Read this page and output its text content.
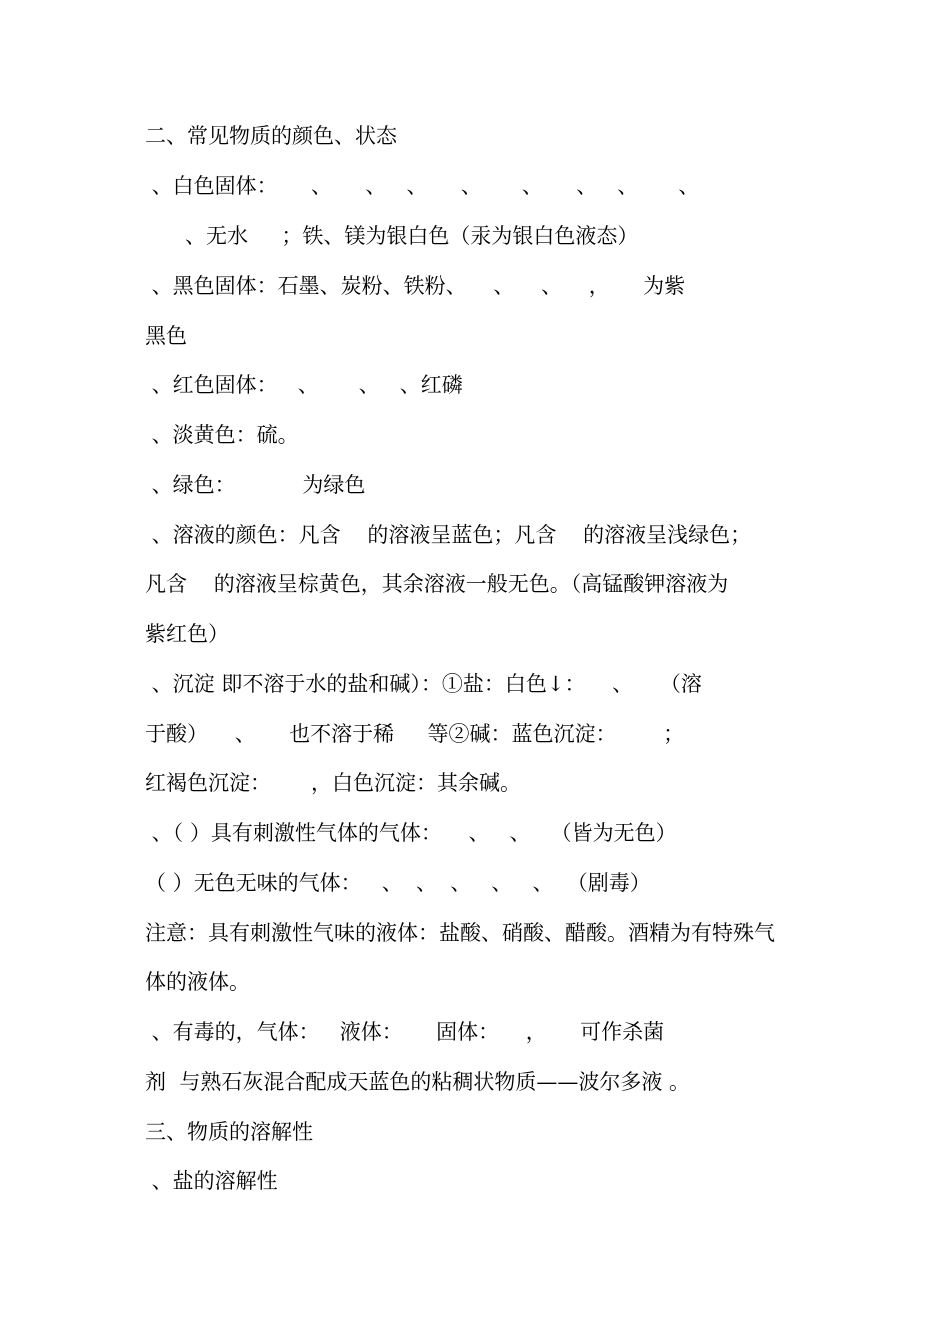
二、常见物质的颜色、状态
、白色固体：     、     、   、     、      、     、   、      、
、无水     ；铁、镁为银白色（汞为银白色液态）
、黑色固体：石墨、炭粉、铁粉、    、    、    ，     为紫
黑色
、红色固体：   、      、   、红磷
、淡黄色：硫。
、绿色：          为绿色
、溶液的颜色：凡含    的溶液呈蓝色；凡含    的溶液呈浅绿色；
凡含    的溶液呈棕黄色，其余溶液一般无色。（高锰酸钾溶液为
紫红色）
、沉淀 即不溶于水的盐和碱）：①盐：白色↓：    、    （溶
于酸）    、     也不溶于稀     等②碱：蓝色沉淀：       ；
红褐色沉淀：      ，白色沉淀：其余碱。
、（ ）具有刺激性气体的气体：    、   、   （皆为无色）
（ ）无色无味的气体：   、  、  、   、   、  （剧毒）
注意：具有刺激性气味的液体：盐酸、硝酸、醋酸。酒精为有特殊气
体的液体。
、有毒的，气体：   液体：     固体：    ，     可作杀菌
剂  与熟石灰混合配成天蓝色的粘稠状物质——波尔多液 。
三、物质的溶解性
、盐的溶解性
